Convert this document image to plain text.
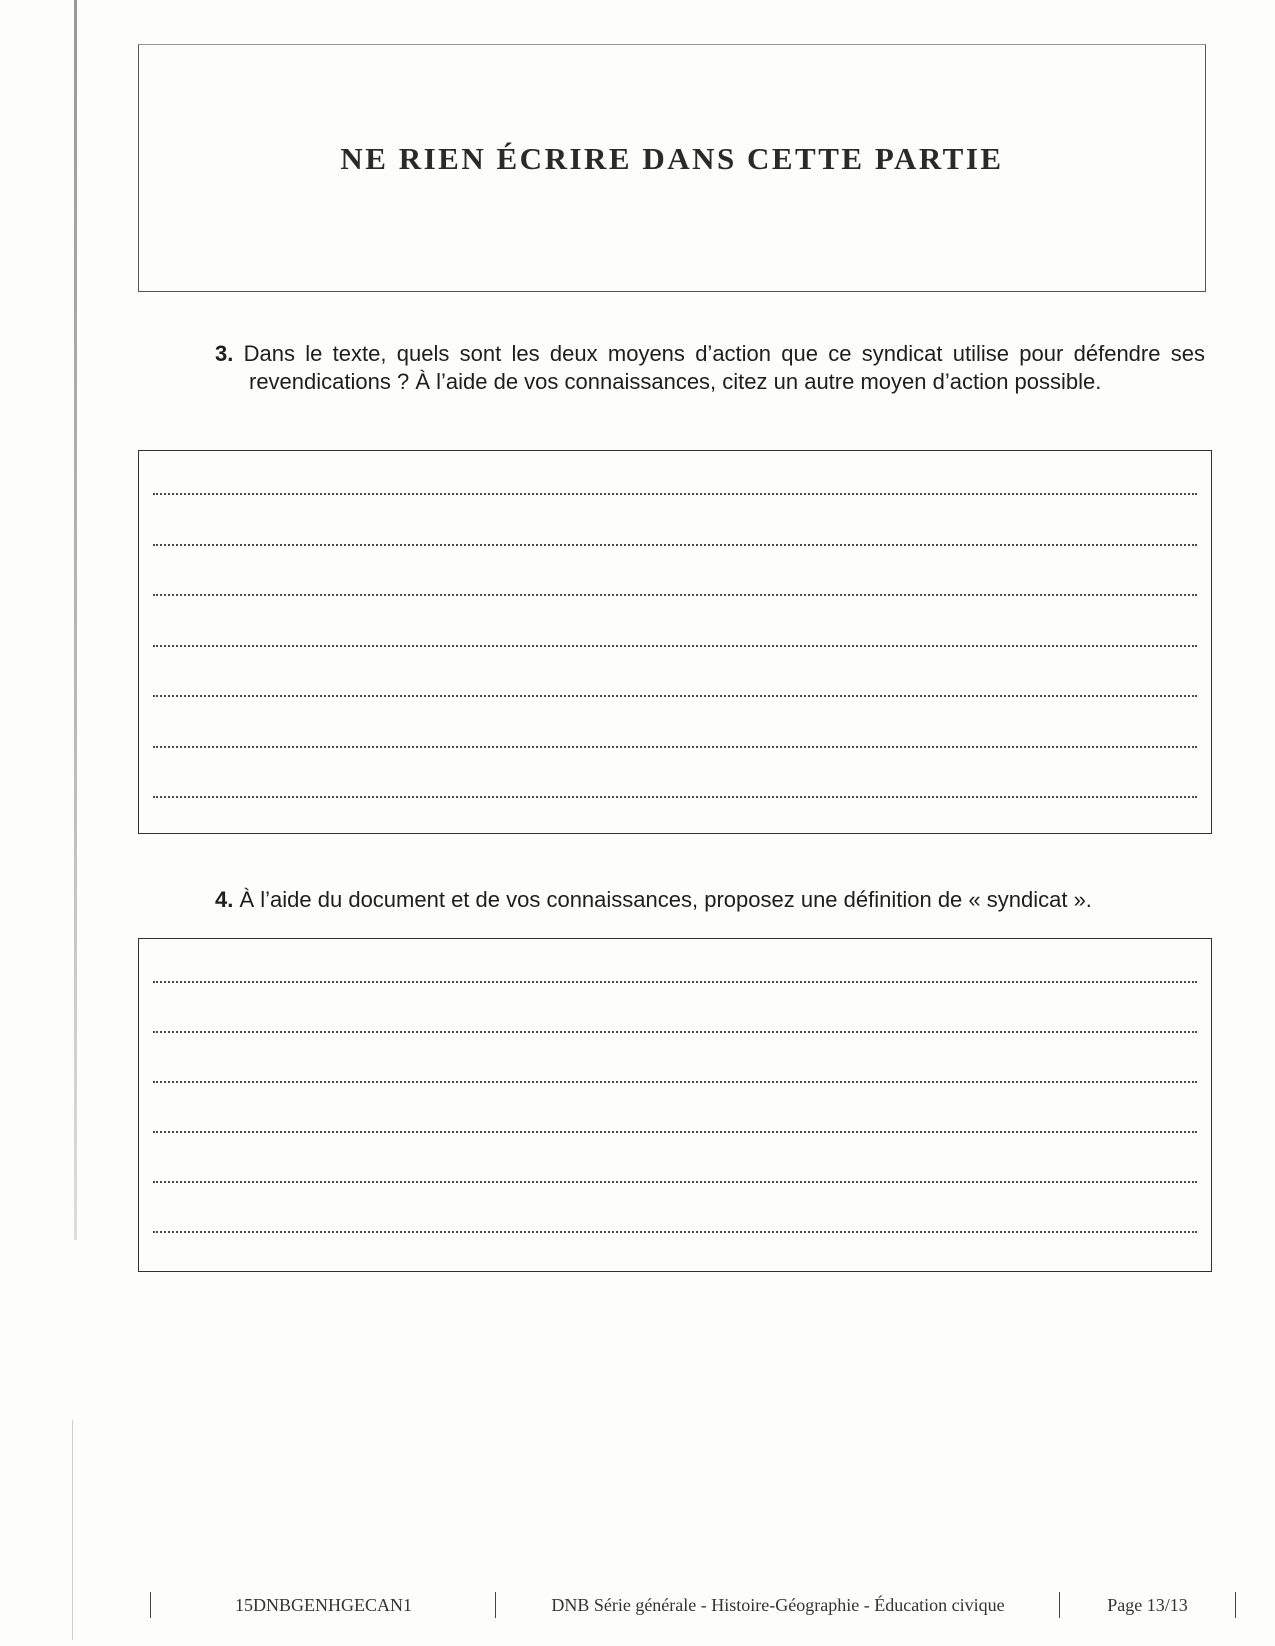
NE RIEN ÉCRIRE DANS CETTE PARTIE
3. Dans le texte, quels sont les deux moyens d’action que ce syndicat utilise pour défendre ses revendications ? À l’aide de vos connaissances, citez un autre moyen d’action possible.
4. À l’aide du document et de vos connaissances, proposez une définition de « syndicat ».
15DNBGENHGECAN1	DNB Série générale - Histoire-Géographie - Éducation civique	Page 13/13
